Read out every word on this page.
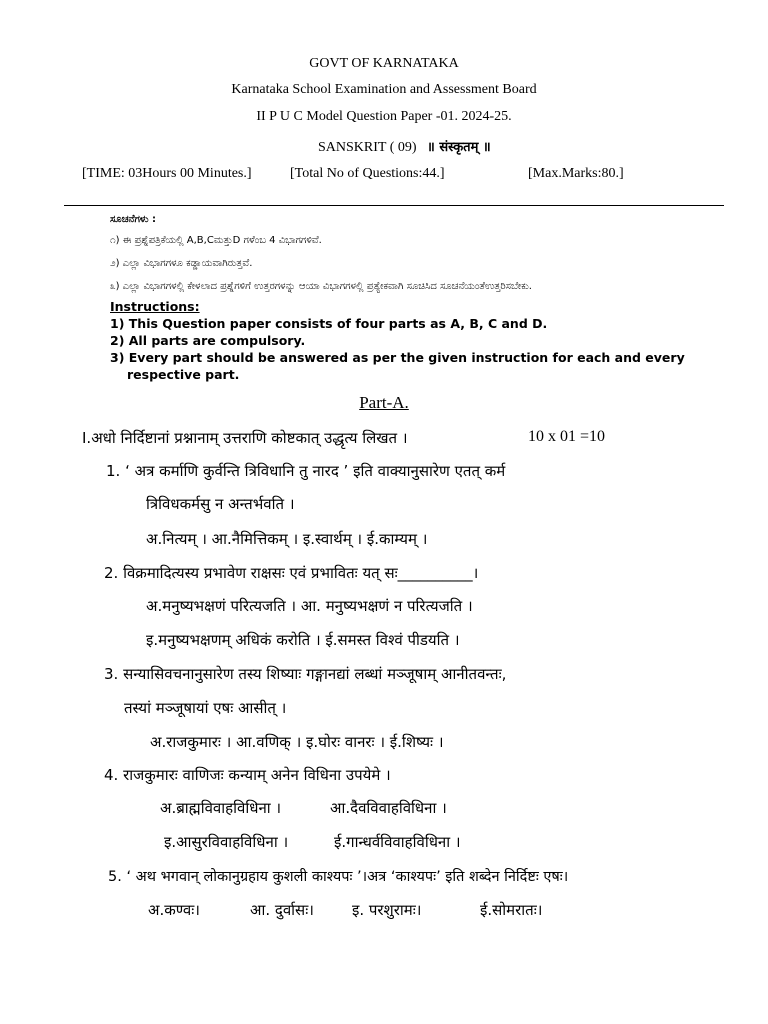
GOVT OF KARNATAKA
Karnataka School Examination and Assessment Board
II P U C Model Question Paper -01. 2024-25.
SANSKRIT ( 09) ॥ संस्कृतम् ॥
[TIME: 03Hours 00 Minutes.]	[Total No of Questions:44.]	[Max.Marks:80.]
ಸೂಚನೆಗಳು :
೧) ಈ ಪ್ರಶ್ನೆಪತ್ರಿಕೆಯಲ್ಲಿ A,B,Cಮತ್ತುD ಗಳೆಂಬ 4 ವಿಭಾಗಗಳಿವೆ.
೨) ಎಲ್ಲಾ ವಿಭಾಗಗಳೂ ಕಡ್ಡಾಯವಾಗಿರುತ್ತವೆ.
೩) ಎಲ್ಲಾ ವಿಭಾಗಗಳಲ್ಲಿ ಕೇಳಲಾದ ಪ್ರಶ್ನೆಗಳಿಗೆ ಉತ್ತರಗಳನ್ನು ಆಯಾ ವಿಭಾಗಗಳಲ್ಲಿ ಪ್ರತ್ಯೇಕವಾಗಿ ಸೂಚಿಸಿದ ಸೂಚನೆಯಂತೆಉತ್ತರಿಸಬೇಕು.
Instructions:
1) This Question paper consists of four parts as A, B, C and D.
2) All parts are compulsory.
3) Every part should be answered as per the given instruction for each and every
respective part.
Part-A.
I.अधो निर्दिष्टानां प्रश्नानाम् उत्तराणि कोष्टकात् उद्धृत्य लिखत ।	10 x 01 =10
1. ‘ अत्र कर्माणि कुर्वन्ति त्रिविधानि तु नारद ’ इति वाक्यानुसारेण एतत् कर्म
त्रिविधकर्मसु न अन्तर्भवति ।
अ.नित्यम् । आ.नैमित्तिकम् । इ.स्वार्थम् । ई.काम्यम् ।
2. विक्रमादित्यस्य प्रभावेण राक्षसः एवं प्रभावितः यत् सः__________।
अ.मनुष्यभक्षणं परित्यजति । आ. मनुष्यभक्षणं न परित्यजति ।
इ.मनुष्यभक्षणम् अधिकं करोति । ई.समस्त विश्वं पीडयति ।
3. सन्यासिवचनानुसारेण तस्य शिष्याः गङ्गानद्यां लब्धां मञ्जूषाम् आनीतवन्तः,
तस्यां मञ्जूषायां एषः आसीत् ।
अ.राजकुमारः । आ.वणिक् । इ.घोरः वानरः । ई.शिष्यः ।
4. राजकुमारः वाणिजः कन्याम् अनेन विधिना उपयेमे ।
अ.ब्राह्मविवाहविधिना ।	आ.दैवविवाहविधिना ।
इ.आसुरविवाहविधिना ।	ई.गान्धर्वविवाहविधिना ।
5. ‘ अथ भगवान् लोकानुग्रहाय कुशली काश्यपः ’।अत्र ‘काश्यपः’ इति शब्देन निर्दिष्टः एषः।
अ.कण्वः।	आ. दुर्वासः।	इ. परशुरामः।	ई.सोमरातः।
